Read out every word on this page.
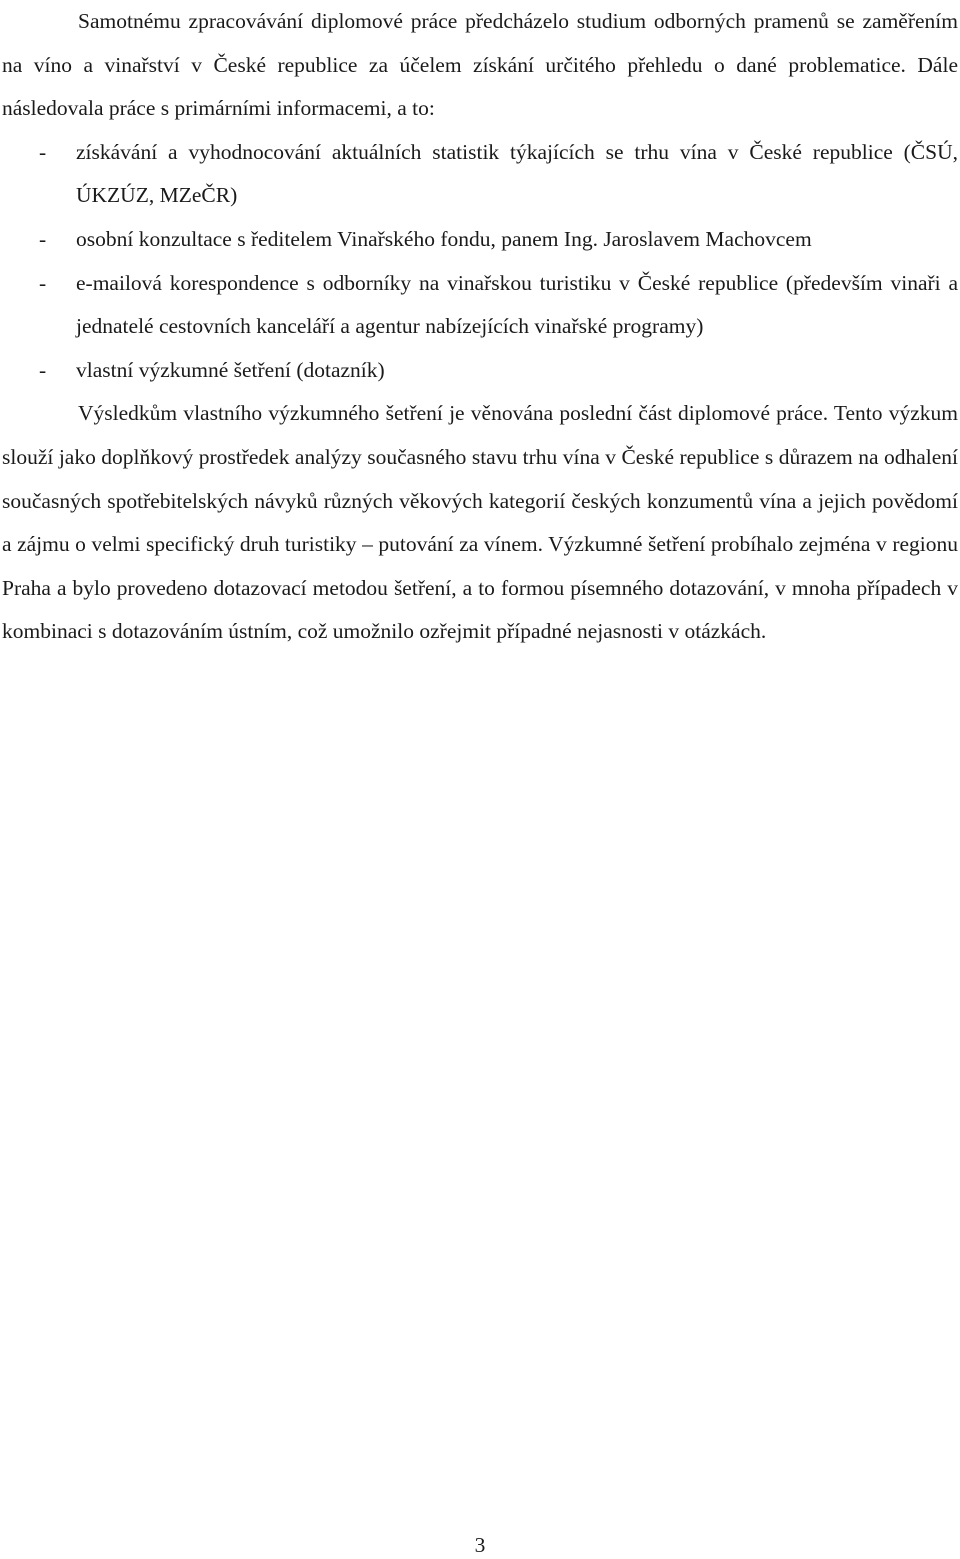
Samotnému zpracovávání diplomové práce předcházelo studium odborných pramenů se zaměřením na víno a vinařství v České republice za účelem získání určitého přehledu o dané problematice. Dále následovala práce s primárními informacemi, a to:

- získávání a vyhodnocování aktuálních statistik týkajících se trhu vína v České republice (ČSÚ, ÚKZÚZ, MZeČR)
- osobní konzultace s ředitelem Vinařského fondu, panem Ing. Jaroslavem Machovcem
- e-mailová korespondence s odborníky na vinařskou turistiku v České republice (především vinaři a jednatelé cestovních kanceláří a agentur nabízejících vinařské programy)
- vlastní výzkumné šetření (dotazník)

Výsledkům vlastního výzkumného šetření je věnována poslední část diplomové práce. Tento výzkum slouží jako doplňkový prostředek analýzy současného stavu trhu vína v České republice s důrazem na odhalení současných spotřebitelských návyků různých věkových kategorií českých konzumentů vína a jejich povědomí a zájmu o velmi specifický druh turistiky – putování za vínem. Výzkumné šetření probíhalo zejména v regionu Praha a bylo provedeno dotazovací metodou šetření, a to formou písemného dotazování, v mnoha případech v kombinaci s dotazováním ústním, což umožnilo ozřejmit případné nejasnosti v otázkách.

3
